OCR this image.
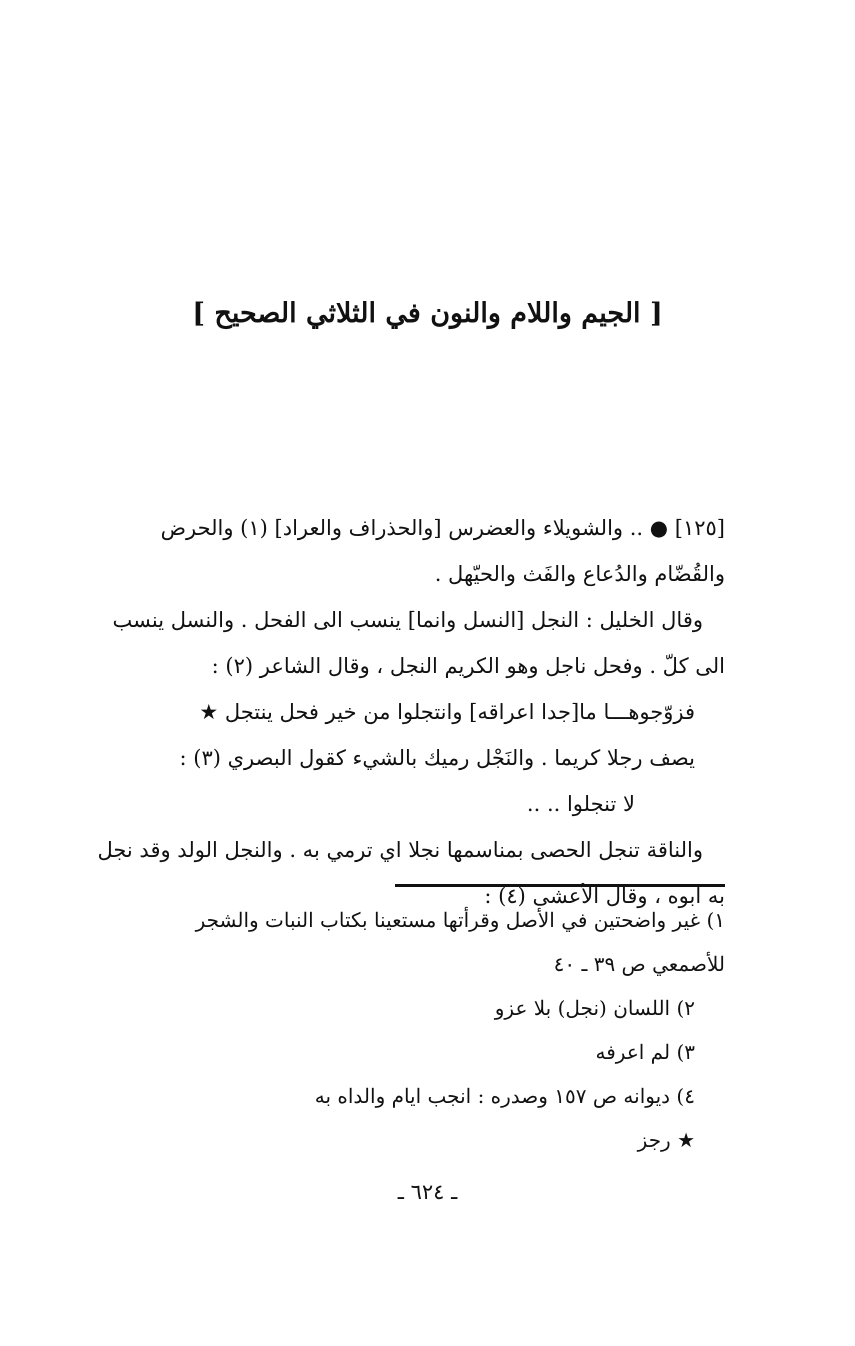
[ الجيم واللام والنون في الثلاثي الصحيح ]
[١٢٥] ● .. والشويلاء والعضرس [والحذراف والعراد] (١) والحرض
والقُضّام والدُعاع والفَث‌ والحيّهل .
وقال الخليل : النجل [النسل وانما] ينسب الى الفحل . والنسل ينسب
الى كلّ . وفحل ناجل وهو الكريم النجل ، وقال الشاعر (٢) :
فزوّجوهـــا ما[جدا اعراقه] وانتجلوا من خير فحل ينتجل ★
يصف رجلا كريما . والنَجْل رميك بالشيء كقول البصري (٣) :
لا تنجلوا .. ..
والناقة تنجل الحصى بمناسمها نجلا اي ترمي به . والنجل الولد وقد نجل
به ابوه ، وقال الأعشى (٤) :
١) غير واضحتين في الأصل وقرأتها مستعينا بكتاب النبات والشجر
للأصمعي ص ٣٩ ـ ٤٠
٢) اللسان (نجل) بلا عزو
٣) لم اعرفه
٤) ديوانه ص ١٥٧ وصدره : انجب ايام والداه به
★ رجز
ـ ٦٢٤ ـ
